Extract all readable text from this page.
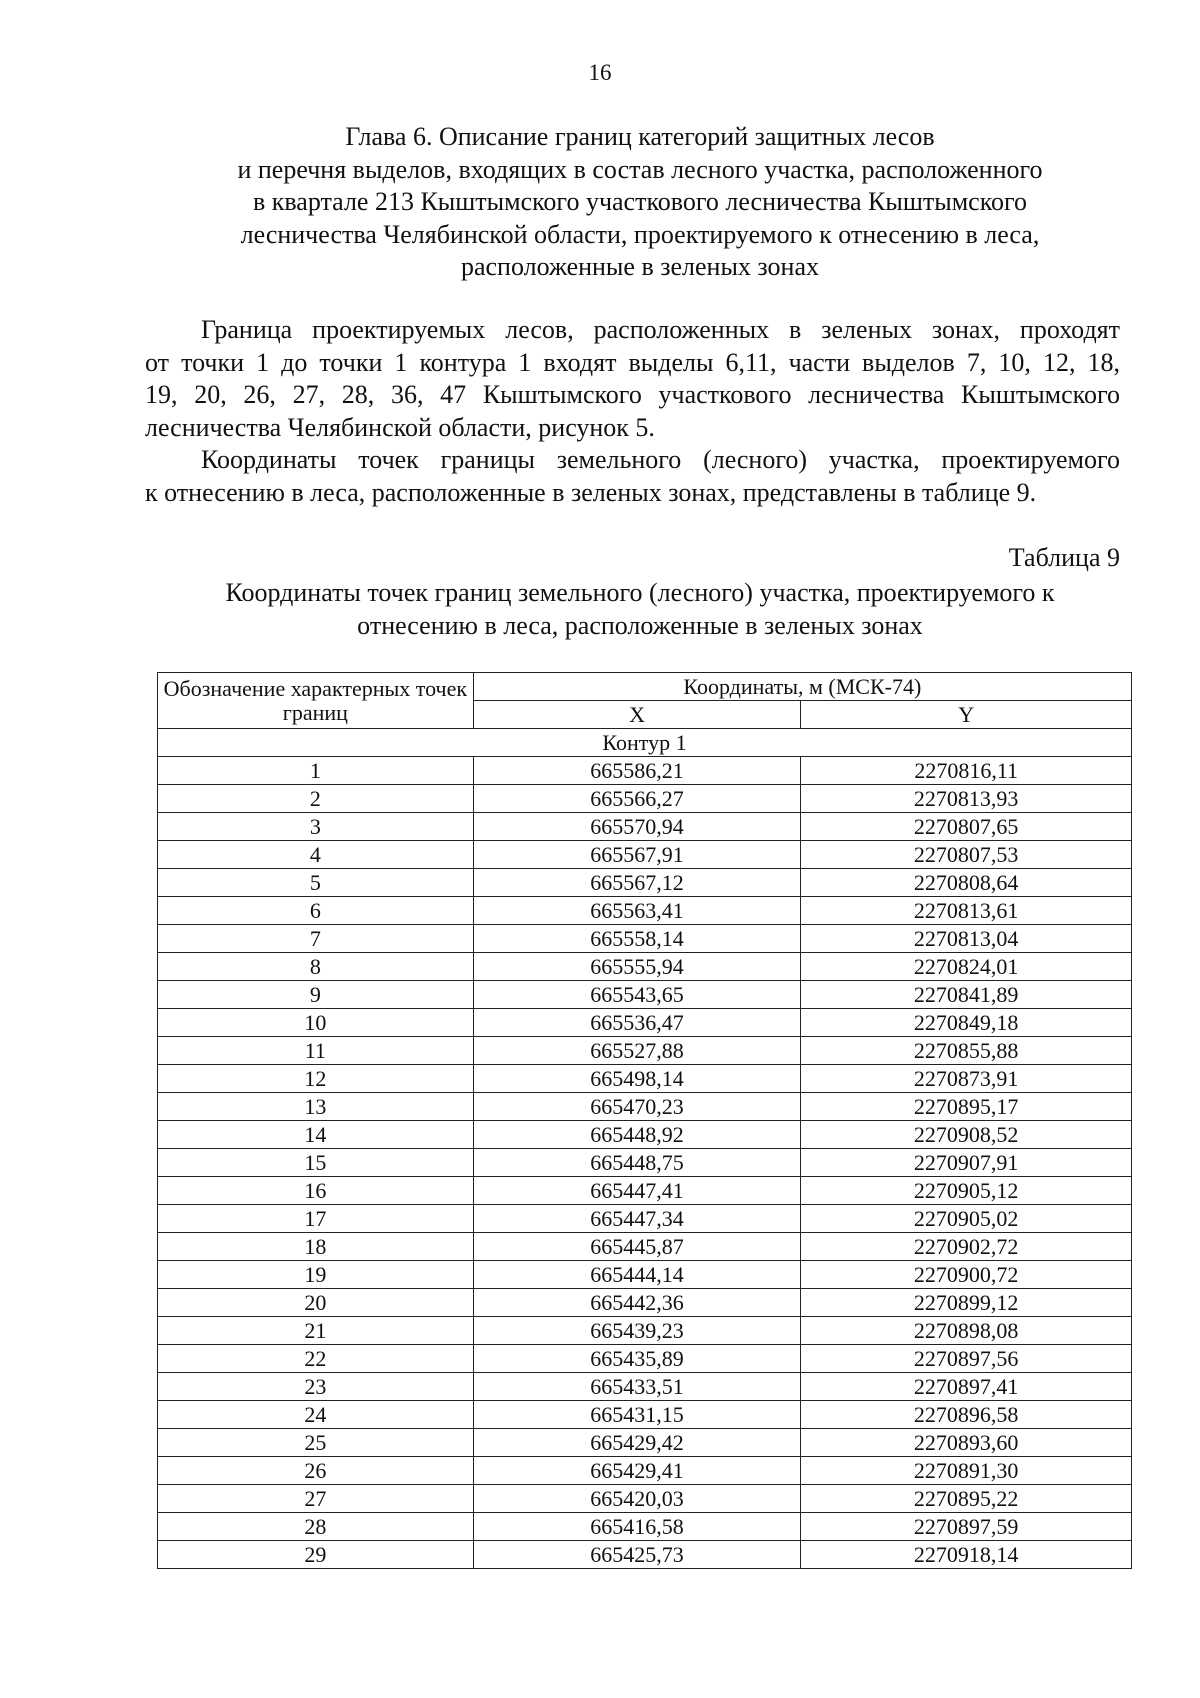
16
Глава 6. Описание границ категорий защитных лесов
и перечня выделов, входящих в состав лесного участка, расположенного
в квартале 213 Кыштымского участкового лесничества Кыштымского
лесничества Челябинской области, проектируемого к отнесению в леса,
расположенные в зеленых зонах
Граница проектируемых лесов, расположенных в зеленых зонах, проходят
от точки 1 до точки 1 контура 1 входят выделы 6,11, части выделов 7, 10, 12, 18,
19, 20, 26, 27, 28, 36, 47 Кыштымского участкового лесничества Кыштымского
лесничества Челябинской области, рисунок 5.
Координаты точек границы земельного (лесного) участка, проектируемого
к отнесению в леса, расположенные в зеленых зонах, представлены в таблице 9.
Таблица 9
Координаты точек границ земельного (лесного) участка, проектируемого к
отнесению в леса, расположенные в зеленых зонах
Обозначение характерных точек границ	Координаты, м (МСК-74)	
	X	Y
Контур 1		
1	665586,21	2270816,11
2	665566,27	2270813,93
3	665570,94	2270807,65
4	665567,91	2270807,53
5	665567,12	2270808,64
6	665563,41	2270813,61
7	665558,14	2270813,04
8	665555,94	2270824,01
9	665543,65	2270841,89
10	665536,47	2270849,18
11	665527,88	2270855,88
12	665498,14	2270873,91
13	665470,23	2270895,17
14	665448,92	2270908,52
15	665448,75	2270907,91
16	665447,41	2270905,12
17	665447,34	2270905,02
18	665445,87	2270902,72
19	665444,14	2270900,72
20	665442,36	2270899,12
21	665439,23	2270898,08
22	665435,89	2270897,56
23	665433,51	2270897,41
24	665431,15	2270896,58
25	665429,42	2270893,60
26	665429,41	2270891,30
27	665420,03	2270895,22
28	665416,58	2270897,59
29	665425,73	2270918,14
